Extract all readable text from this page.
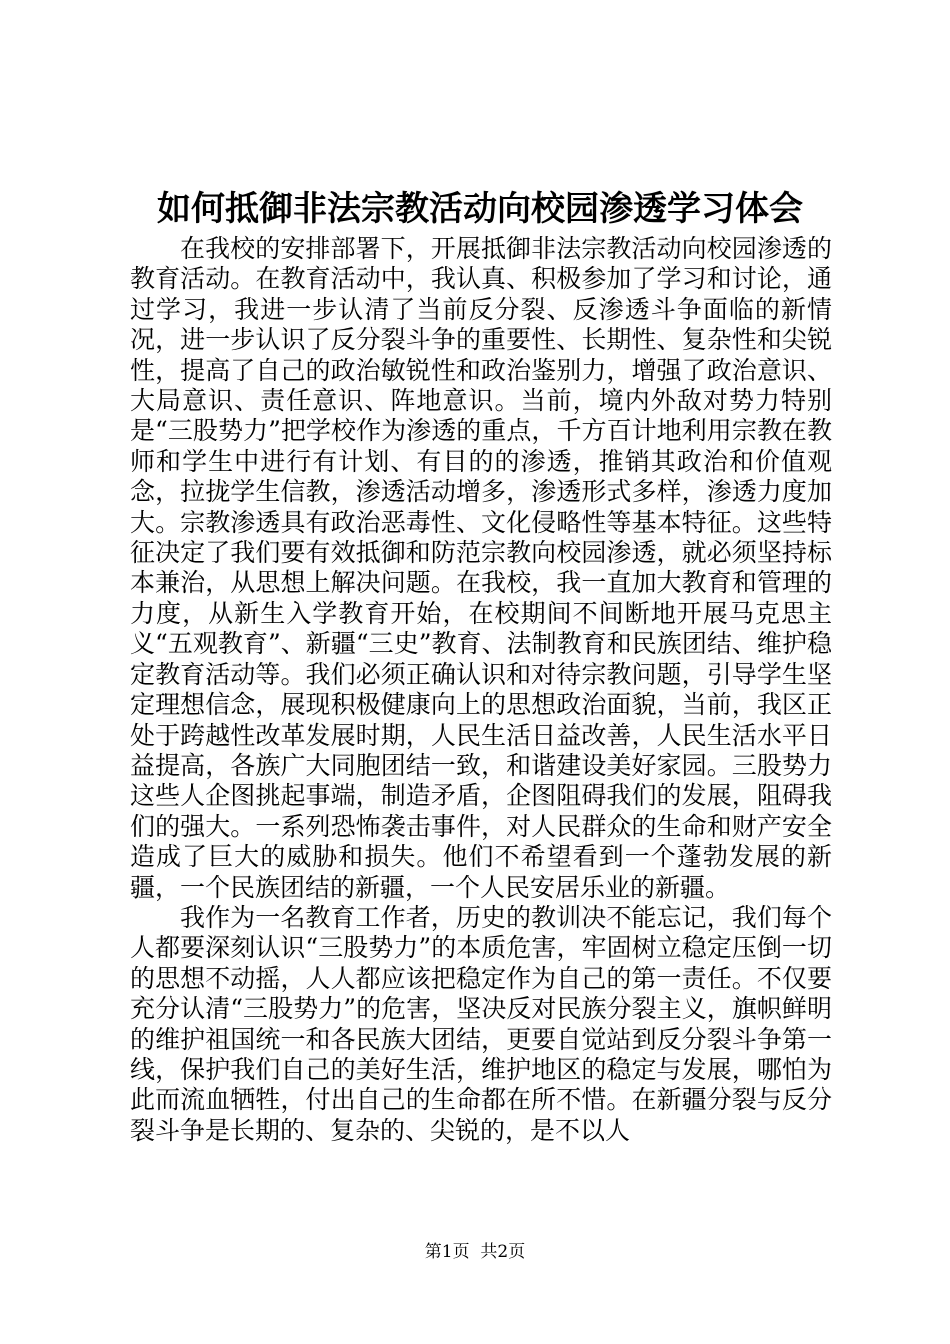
如何抵御非法宗教活动向校园渗透学习体会

在我校的安排部署下，开展抵御非法宗教活动向校园渗透的教育活动。在教育活动中，我认真、积极参加了学习和讨论，通过学习，我进一步认清了当前反分裂、反渗透斗争面临的新情况，进一步认识了反分裂斗争的重要性、长期性、复杂性和尖锐性，提高了自己的政治敏锐性和政治鉴别力，增强了政治意识、大局意识、责任意识、阵地意识。当前，境内外敌对势力特别是“三股势力”把学校作为渗透的重点，千方百计地利用宗教在教师和学生中进行有计划、有目的的渗透，推销其政治和价值观念，拉拢学生信教，渗透活动增多，渗透形式多样，渗透力度加大。宗教渗透具有政治恶毒性、文化侵略性等基本特征。这些特征决定了我们要有效抵御和防范宗教向校园渗透，就必须坚持标本兼治，从思想上解决问题。在我校，我一直加大教育和管理的力度，从新生入学教育开始，在校期间不间断地开展马克思主义“五观教育”、新疆“三史”教育、法制教育和民族团结、维护稳定教育活动等。我们必须正确认识和对待宗教问题，引导学生坚定理想信念，展现积极健康向上的思想政治面貌，当前，我区正处于跨越性改革发展时期，人民生活日益改善，人民生活水平日益提高，各族广大同胞团结一致，和谐建设美好家园。三股势力这些人企图挑起事端，制造矛盾，企图阻碍我们的发展，阻碍我们的强大。一系列恐怖袭击事件，对人民群众的生命和财产安全造成了巨大的威胁和损失。他们不希望看到一个蓬勃发展的新疆，一个民族团结的新疆，一个人民安居乐业的新疆。

我作为一名教育工作者，历史的教训决不能忘记，我们每个人都要深刻认识“三股势力”的本质危害，牢固树立稳定压倒一切的思想不动摇，人人都应该把稳定作为自己的第一责任。不仅要充分认清“三股势力”的危害，坚决反对民族分裂主义，旗帜鲜明的维护祖国统一和各民族大团结，更要自觉站到反分裂斗争第一线，保护我们自己的美好生活，维护地区的稳定与发展，哪怕为此而流血牺牲，付出自己的生命都在所不惜。在新疆分裂与反分裂斗争是长期的、复杂的、尖锐的，是不以人

第1页 共2页
